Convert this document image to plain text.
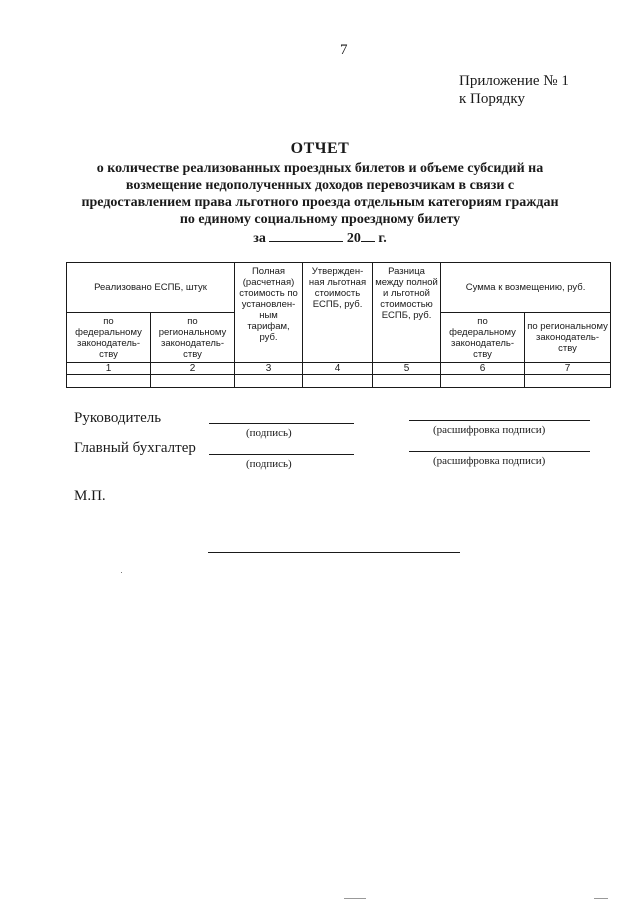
7
Приложение № 1
к Порядку
ОТЧЕТ
о количестве реализованных проездных билетов и объеме субсидий на
возмещение недополученных доходов перевозчикам в связи с
предоставлением права льготного проезда отдельным категориям граждан
по единому социальному проездному билету
за	20 г.
Реализовано ЕСПБ, штук		Полная (расчетная) стоимость по установлен-ным тарифам, руб.	Утвержден-ная льготная стоимость ЕСПБ, руб.	Разница между полной и льготной стоимостью ЕСПБ, руб.	Сумма к возмещению, руб.	
по федеральному законодатель-ству	по региональному законодатель-ству				по федеральному законодатель-ству	по региональному законодатель-ству
1	2	3	4	5	6	7

Руководитель
(подпись)	(расшифровка подписи)
Главный бухгалтер
(подпись)	(расшифровка подписи)
М.П.
